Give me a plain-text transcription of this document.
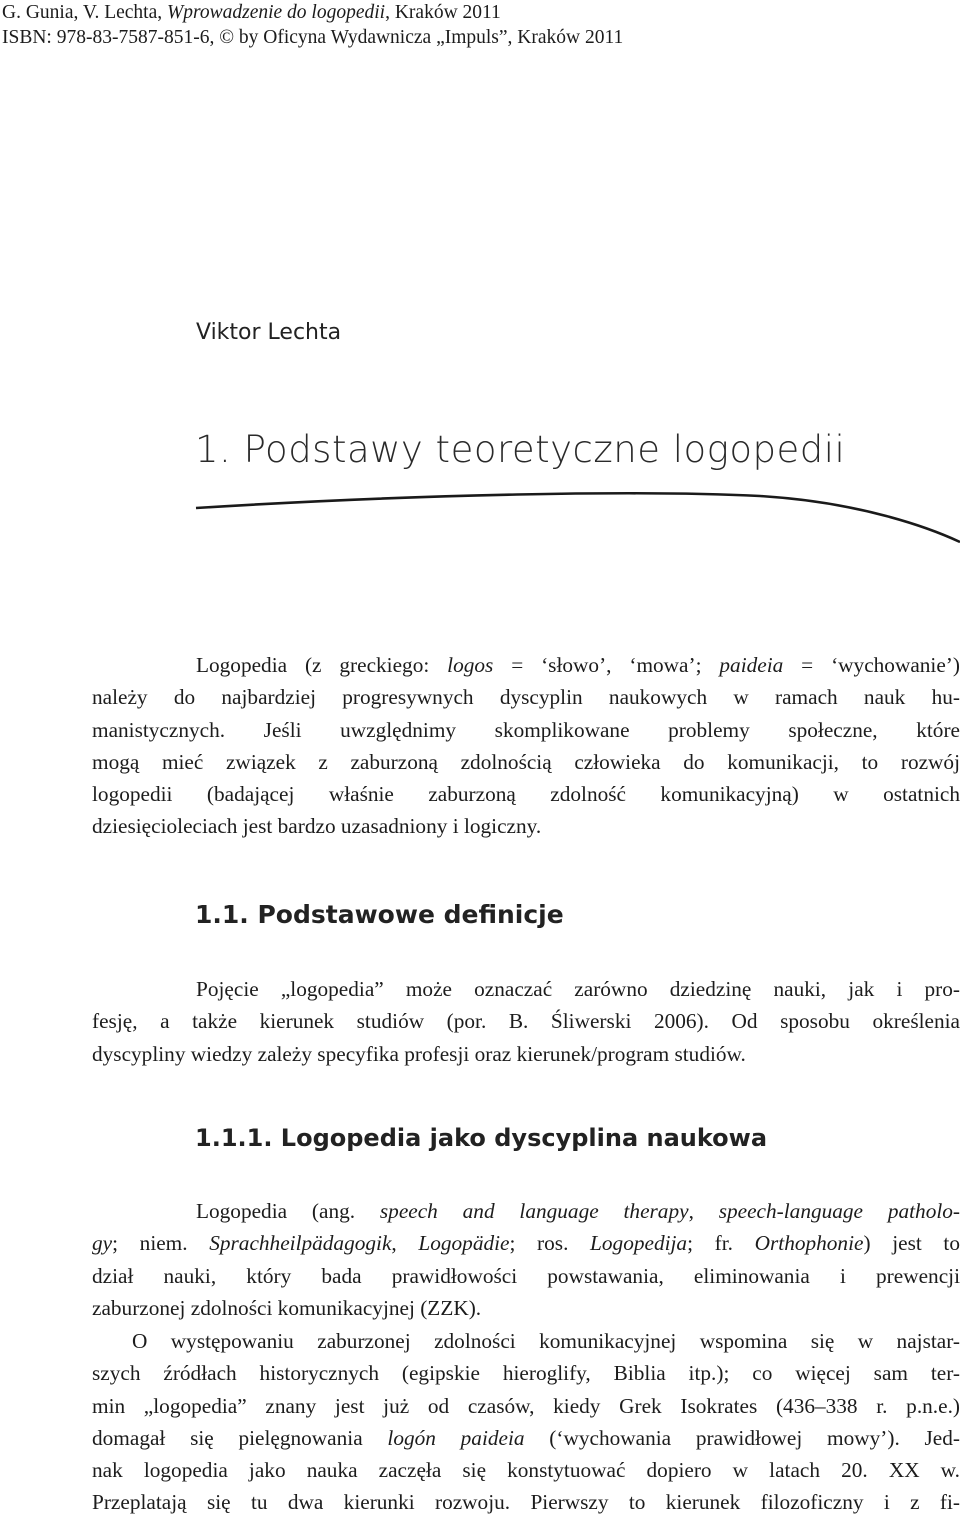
G. Gunia, V. Lechta, Wprowadzenie do logopedii, Kraków 2011
ISBN: 978-83-7587-851-6, © by Oficyna Wydawnicza „Impuls”, Kraków 2011

Viktor Lechta

1. Podstawy teoretyczne logopedii
Logopedia (z greckiego: logos = ‘słowo’, ‘mowa’; paideia = ‘wychowanie’)
należy do najbardziej progresywnych dyscyplin naukowych w ramach nauk hu-
manistycznych. Jeśli uwzględnimy skomplikowane problemy społeczne, które
mogą mieć związek z zaburzoną zdolnością człowieka do komunikacji, to rozwój
logopedii (badającej właśnie zaburzoną zdolność komunikacyjną) w ostatnich
dziesięcioleciach jest bardzo uzasadniony i logiczny.
1.1. Podstawowe definicje
Pojęcie „logopedia” może oznaczać zarówno dziedzinę nauki, jak i pro-
fesję, a także kierunek studiów (por. B. Śliwerski 2006). Od sposobu określenia
dyscypliny wiedzy zależy specyfika profesji oraz kierunek/program studiów.
1.1.1. Logopedia jako dyscyplina naukowa
Logopedia (ang. speech and language therapy, speech-language patholo-
gy; niem. Sprachheilpädagogik, Logopädie; ros. Logopedija; fr. Orthophonie) jest to
dział nauki, który bada prawidłowości powstawania, eliminowania i prewencji
zaburzonej zdolności komunikacyjnej (ZZK).
O występowaniu zaburzonej zdolności komunikacyjnej wspomina się w najstar-
szych źródłach historycznych (egipskie hieroglify, Biblia itp.); co więcej sam ter-
min „logopedia” znany jest już od czasów, kiedy Grek Isokrates (436–338 r. p.n.e.)
domagał się pielęgnowania logón paideia (‘wychowania prawidłowej mowy’). Jed-
nak logopedia jako nauka zaczęła się konstytuować dopiero w latach 20. XX w.
Przeplatają się tu dwa kierunki rozwoju. Pierwszy to kierunek filozoficzny i z fi-
